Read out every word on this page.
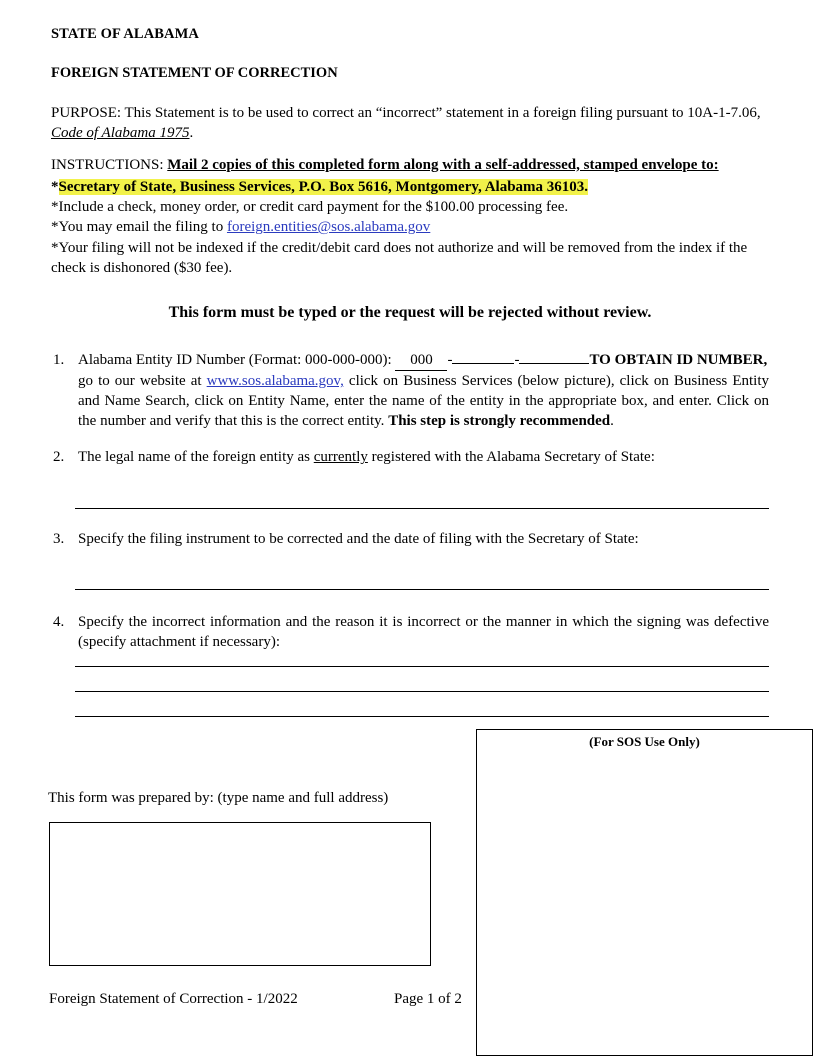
STATE OF ALABAMA
FOREIGN STATEMENT OF CORRECTION
PURPOSE: This Statement is to be used to correct an “incorrect” statement in a foreign filing pursuant to 10A-1-7.06, Code of Alabama 1975.
INSTRUCTIONS: Mail 2 copies of this completed form along with a self-addressed, stamped envelope to:
*Secretary of State, Business Services, P.O. Box 5616, Montgomery, Alabama 36103.
*Include a check, money order, or credit card payment for the $100.00 processing fee.
*You may email the filing to foreign.entities@sos.alabama.gov
*Your filing will not be indexed if the credit/debit card does not authorize and will be removed from the index if the check is dishonored ($30 fee).
This form must be typed or the request will be rejected without review.
1. Alabama Entity ID Number (Format: 000-000-000): 000 -	-	TO OBTAIN ID NUMBER,
go to our website at www.sos.alabama.gov, click on Business Services (below picture), click on Business Entity and Name Search, click on Entity Name, enter the name of the entity in the appropriate box, and enter. Click on the number and verify that this is the correct entity. This step is strongly recommended.
2. The legal name of the foreign entity as currently registered with the Alabama Secretary of State:
3. Specify the filing instrument to be corrected and the date of filing with the Secretary of State:
4. Specify the incorrect information and the reason it is incorrect or the manner in which the signing was defective (specify attachment if necessary):
This form was prepared by: (type name and full address)
(For SOS Use Only)
Foreign Statement of Correction - 1/2022	Page 1 of 2
